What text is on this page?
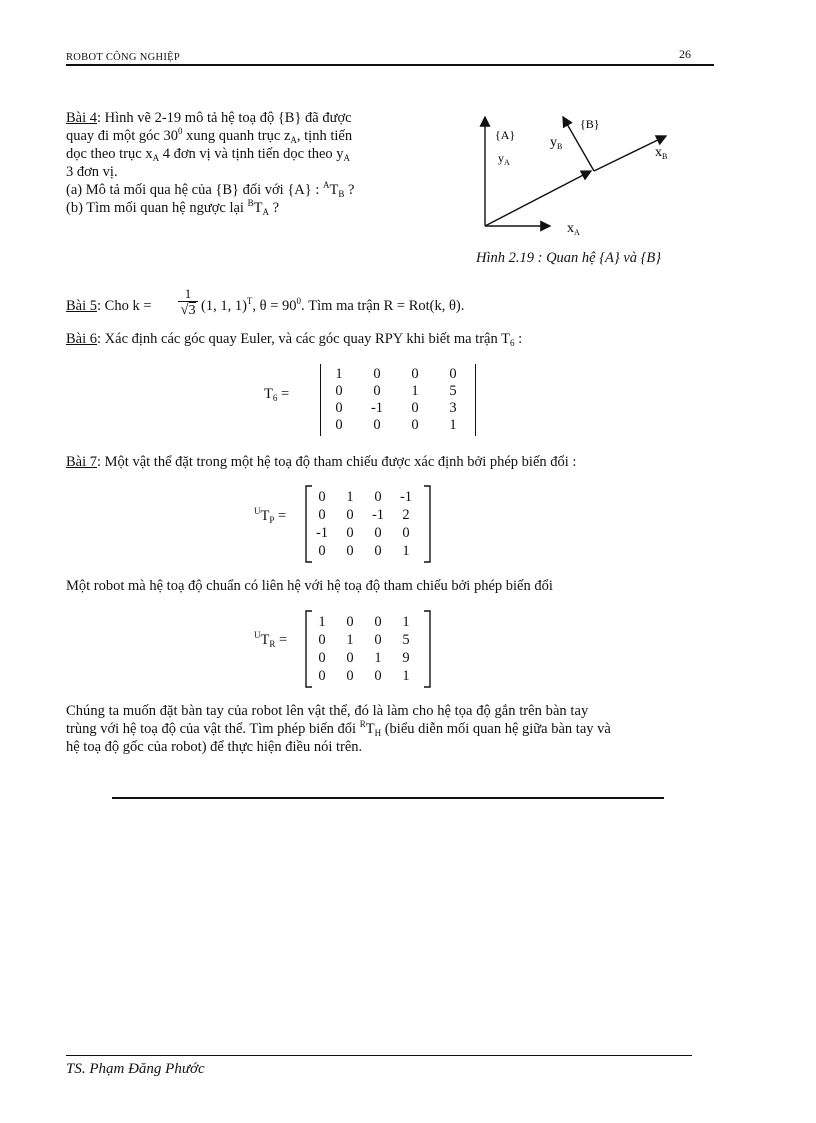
ROBOT CÔNG NGHIỆP	26
Bài 4: Hình vẽ 2-19 mô tả hệ toạ độ {B} đã được
quay đi một góc $30^0$ xung quanh trục $z_A$, tịnh tiến
dọc theo trục $x_A$ 4 đơn vị và tịnh tiến dọc theo $y_A$
3 đơn vị.
(a) Mô tả mối qua hệ của {B} đối với {A} : $^AT_B$ ?
(b) Tìm mối quan hệ ngược lại $^BT_A$ ?
{A}
{B}
$y_A$
$y_B$	$x_B$
$x_A$
Hình 2.19 : Quan hệ {A} và {B}
Bài 5: Cho k =
1
√3 (1, 1, 1)$^T$, $\theta = 90^0$. Tìm ma trận R = Rot(k, θ).
Bài 6: Xác định các góc quay Euler, và các góc quay RPY khi biết ma trận $T_6$ :
$T_6$ =
1	0	0	0
0	0	1	5
0	-1	0	3
0	0	0	1
Bài 7: Một vật thể đặt trong một hệ toạ độ tham chiếu được xác định bởi phép biến đổi :
$^UT_P$ =
0	1	0	-1
0	0	-1	2
-1	0	0	0
0	0	0	1
Một robot mà hệ toạ độ chuẩn có liên hệ với hệ toạ độ tham chiếu bởi phép biến đổi
$^UT_R$ =
1	0	0	1
0	1	0	5
0	0	1	9
0	0	0	1
Chúng ta muốn đặt bàn tay của robot lên vật thể, đó là làm cho hệ tọa độ gắn trên bàn tay
trùng với hệ toạ độ của vật thể. Tìm phép biến đổi $^RT_H$ (biểu diễn mối quan hệ giữa bàn tay và
hệ toạ độ gốc của robot) để thực hiện điều nói trên.
TS. Phạm Đăng Phước
